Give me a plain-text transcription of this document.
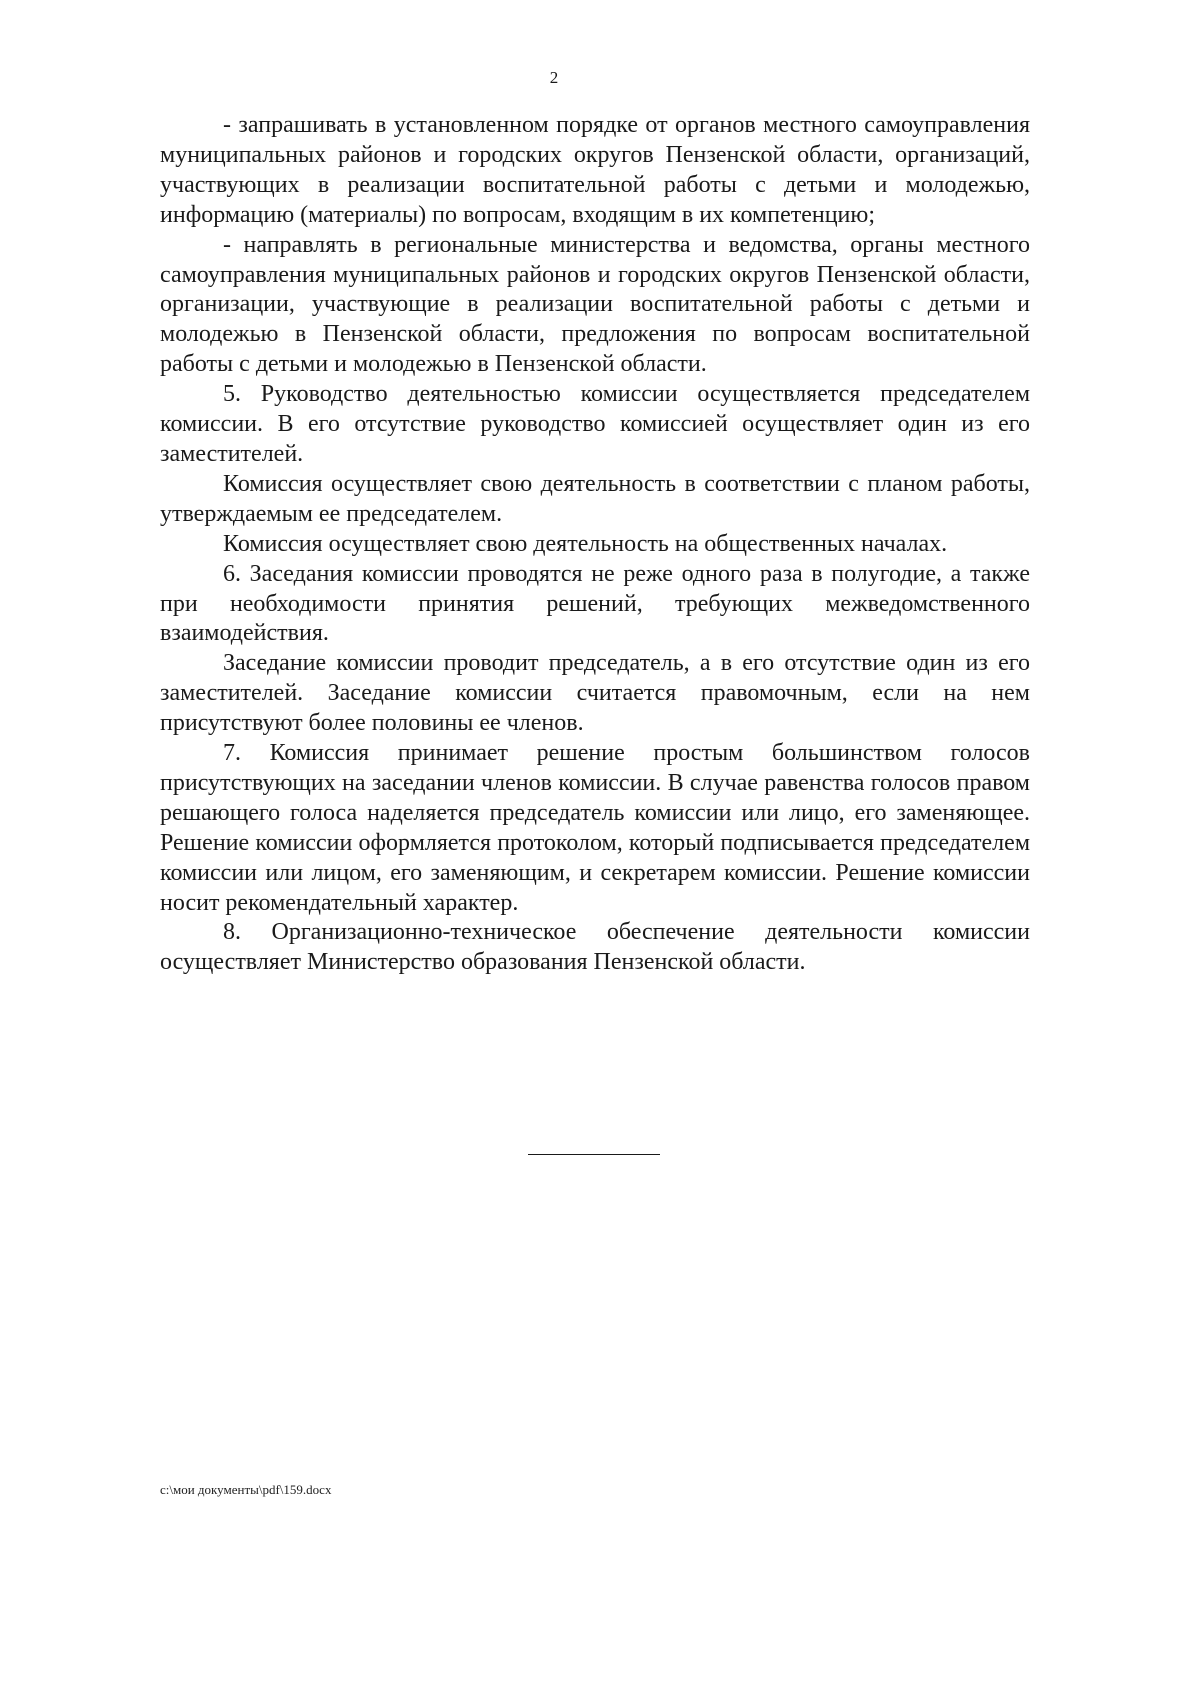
2

- запрашивать в установленном порядке от органов местного самоуправления муниципальных районов и городских округов Пензенской области, организаций, участвующих в реализации воспитательной работы с детьми и молодежью, информацию (материалы) по вопросам, входящим в их компетенцию;

- направлять в региональные министерства и ведомства, органы местного самоуправления муниципальных районов и городских округов Пензенской области, организации, участвующие в реализации воспитательной работы с детьми и молодежью в Пензенской области, предложения по вопросам воспитательной работы с детьми и молодежью в Пензенской области.

5. Руководство деятельностью комиссии осуществляется председателем комиссии. В его отсутствие руководство комиссией осуществляет один из его заместителей.

Комиссия осуществляет свою деятельность в соответствии с планом работы, утверждаемым ее председателем.

Комиссия осуществляет свою деятельность на общественных началах.

6. Заседания комиссии проводятся не реже одного раза в полугодие, а также при необходимости принятия решений, требующих межведомственного взаимодействия.

Заседание комиссии проводит председатель, а в его отсутствие один из его заместителей. Заседание комиссии считается правомочным, если на нем присутствуют более половины ее членов.

7. Комиссия принимает решение простым большинством голосов присутствующих на заседании членов комиссии. В случае равенства голосов правом решающего голоса наделяется председатель комиссии или лицо, его заменяющее. Решение комиссии оформляется протоколом, который подписывается председателем комиссии или лицом, его заменяющим, и секретарем комиссии. Решение комиссии носит рекомендательный характер.

8. Организационно-техническое обеспечение деятельности комиссии осуществляет Министерство образования Пензенской области.

c:\мои документы\pdf\159.docx
